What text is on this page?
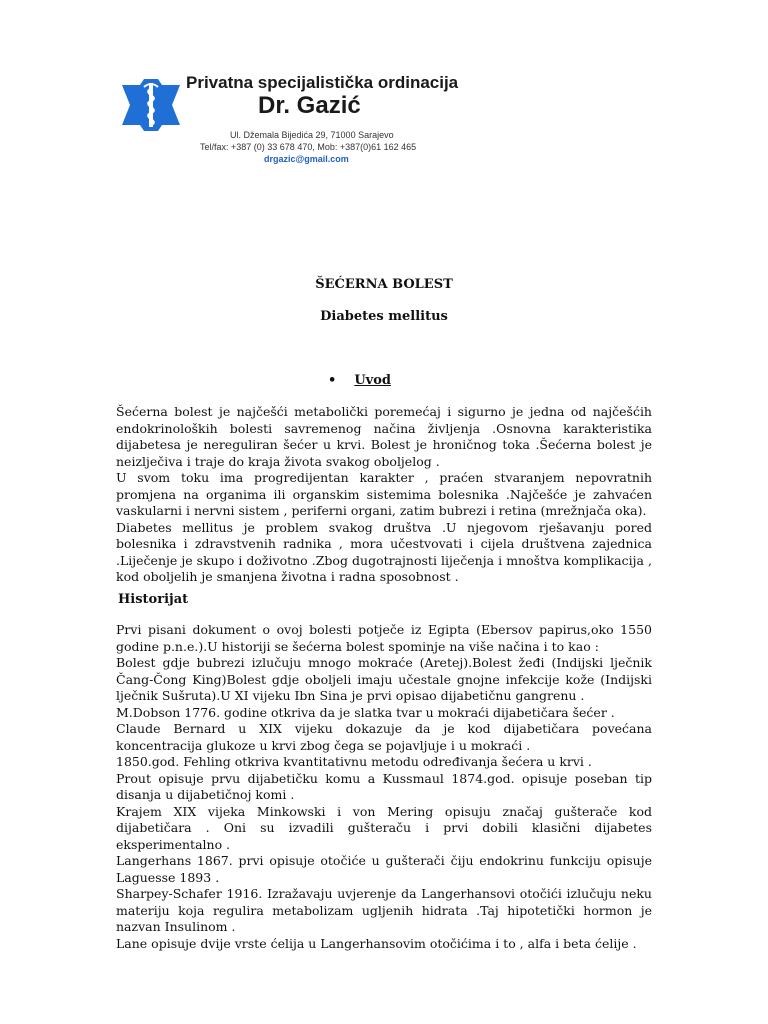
Privatna specijalistička ordinacija
Dr. Gazić
Ul. Džemala Bijedića 29, 71000 Sarajevo
Tel/fax: +387 (0) 33 678 470, Mob: +387(0)61 162 465
drgazic@gmail.com
ŠEĆERNA BOLEST
Diabetes mellitus
• Uvod

Šećerna bolest je najčešći metabolički poremećaj i sigurno je jedna od najčešćih endokrinoloških bolesti savremenog načina življenja .Osnovna karakteristika dijabetesa je nereguliran šećer u krvi. Bolest je hroničnog toka .Šećerna bolest je neizlječiva i traje do kraja života svakog oboljelog .

U svom toku ima progredijentan karakter , praćen stvaranjem nepovratnih promjena na organima ili organskim sistemima bolesnika .Najčešće je zahvaćen vaskularni i nervni sistem , periferni organi, zatim bubrezi i retina (mrežnjača oka).

Diabetes mellitus je problem svakog društva .U njegovom rješavanju pored bolesnika i zdravstvenih radnika , mora učestvovati i cijela društvena zajednica .Liječenje je skupo i doživotno .Zbog dugotrajnosti liječenja i mnoštva komplikacija , kod oboljelih je smanjena životna i radna sposobnost .

Historijat

Prvi pisani dokument o ovoj bolesti potječe iz Egipta (Ebersov papirus,oko 1550 godine p.n.e.).U historiji se šećerna bolest spominje na više načina i to kao :

Bolest gdje bubrezi izlučuju mnogo mokraće (Aretej).Bolest žeđi (Indijski lječnik Čang-Čong King)Bolest gdje oboljeli imaju učestale gnojne infekcije kože (Indijski lječnik Sušruta).U XI vijeku Ibn Sina je prvi opisao dijabetičnu gangrenu .

M.Dobson 1776. godine otkriva da je slatka tvar u mokraći dijabetičara šećer .

Claude Bernard u XIX vijeku dokazuje da je kod dijabetičara povećana koncentracija glukoze u krvi zbog čega se pojavljuje i u mokraći .

1850.god. Fehling otkriva kvantitativnu metodu određivanja šećera u krvi .

Prout opisuje prvu dijabetičku komu a Kussmaul 1874.god. opisuje poseban tip disanja u dijabetičnoj komi .

Krajem XIX vijeka Minkowski i von Mering opisuju značaj gušterače kod dijabetičara . Oni su izvadili gušteraču i prvi dobili klasični dijabetes eksperimentalno .

Langerhans 1867. prvi opisuje otočiće u gušterači čiju endokrinu funkciju opisuje Laguesse 1893 .

Sharpey-Schafer 1916. Izražavaju uvjerenje da Langerhansovi otočići izlučuju neku materiju koja regulira metabolizam ugljenih hidrata .Taj hipotetički hormon je nazvan Insulinom .

Lane opisuje dvije vrste ćelija u Langerhansovim otočićima i to , alfa i beta ćelije .
